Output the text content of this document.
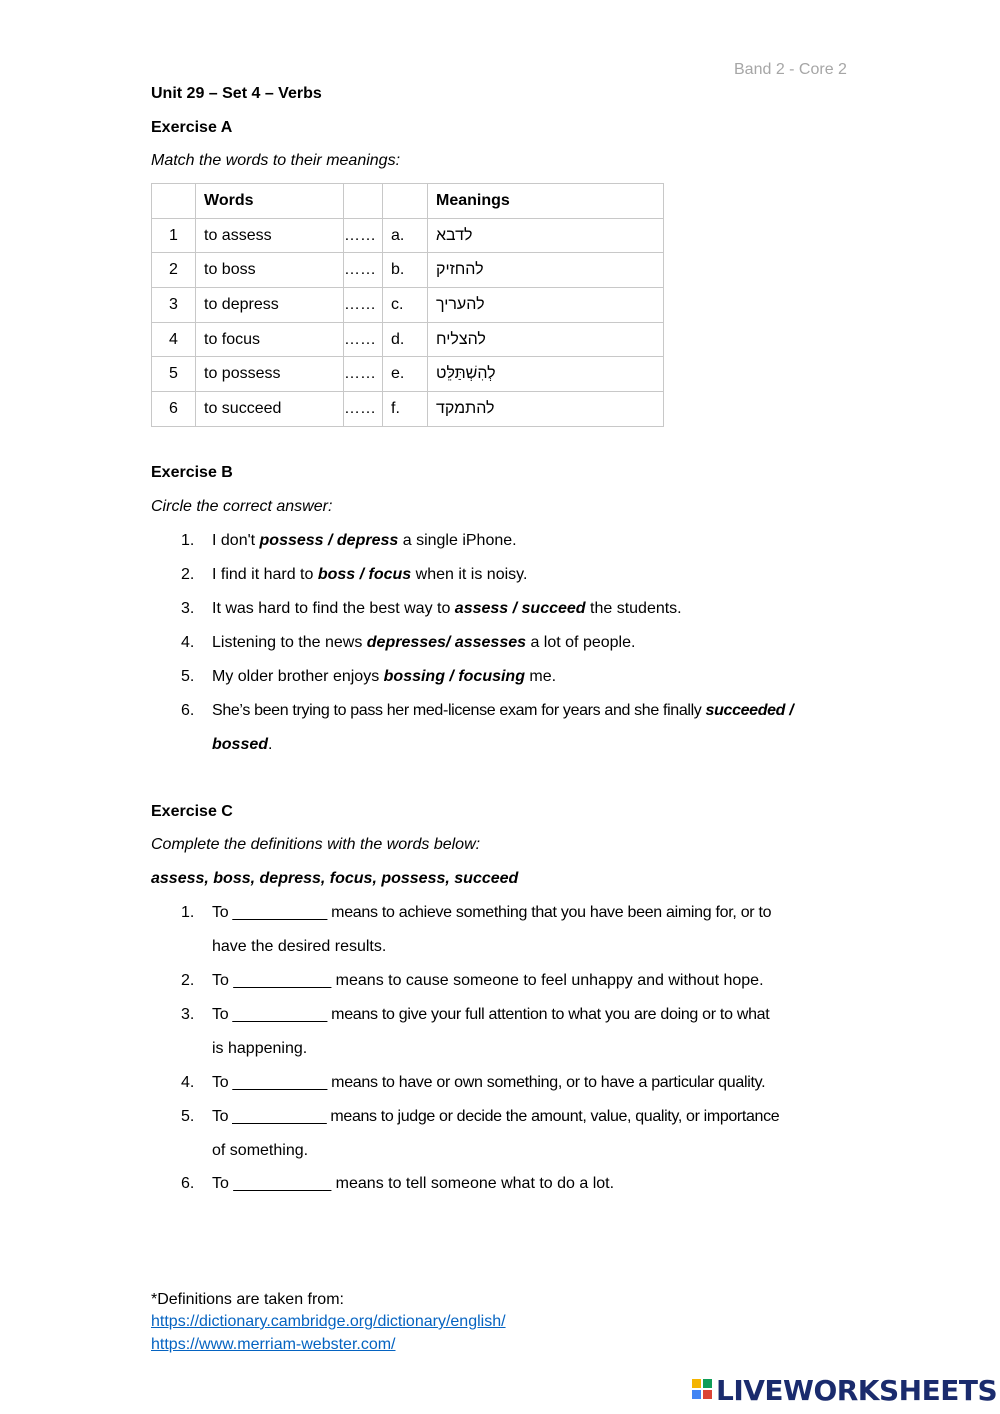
Band 2 - Core 2
Unit 29 – Set 4 – Verbs
Exercise A
Match the words to their meanings:
	Words			Meanings
1	to assess	……	a.	לדבא
2	to boss	……	b.	להחזיק
3	to depress	……	c.	להעריך
4	to focus	……	d.	להצליח
5	to possess	……	e.	לְהִשְׁתַּלֵּט
6	to succeed	……	f.	להתמקד
Exercise B
Circle the correct answer:
1. I don't possess / depress a single iPhone.
2. I find it hard to boss / focus when it is noisy.
3. It was hard to find the best way to assess / succeed the students.
4. Listening to the news depresses/ assesses a lot of people.
5. My older brother enjoys bossing / focusing me.
6. She’s been trying to pass her med-license exam for years and she finally succeeded /
bossed.
Exercise C
Complete the definitions with the words below:
assess, boss, depress, focus, possess, succeed
1. To ___________ means to achieve something that you have been aiming for, or to
have the desired results.
2. To ___________ means to cause someone to feel unhappy and without hope.
3. To ___________ means to give your full attention to what you are doing or to what
is happening.
4. To ___________ means to have or own something, or to have a particular quality.
5. To ___________ means to judge or decide the amount, value, quality, or importance
of something.
6. To ___________ means to tell someone what to do a lot.
*Definitions are taken from:
https://dictionary.cambridge.org/dictionary/english/
https://www.merriam-webster.com/
LIVEWORKSHEETS
